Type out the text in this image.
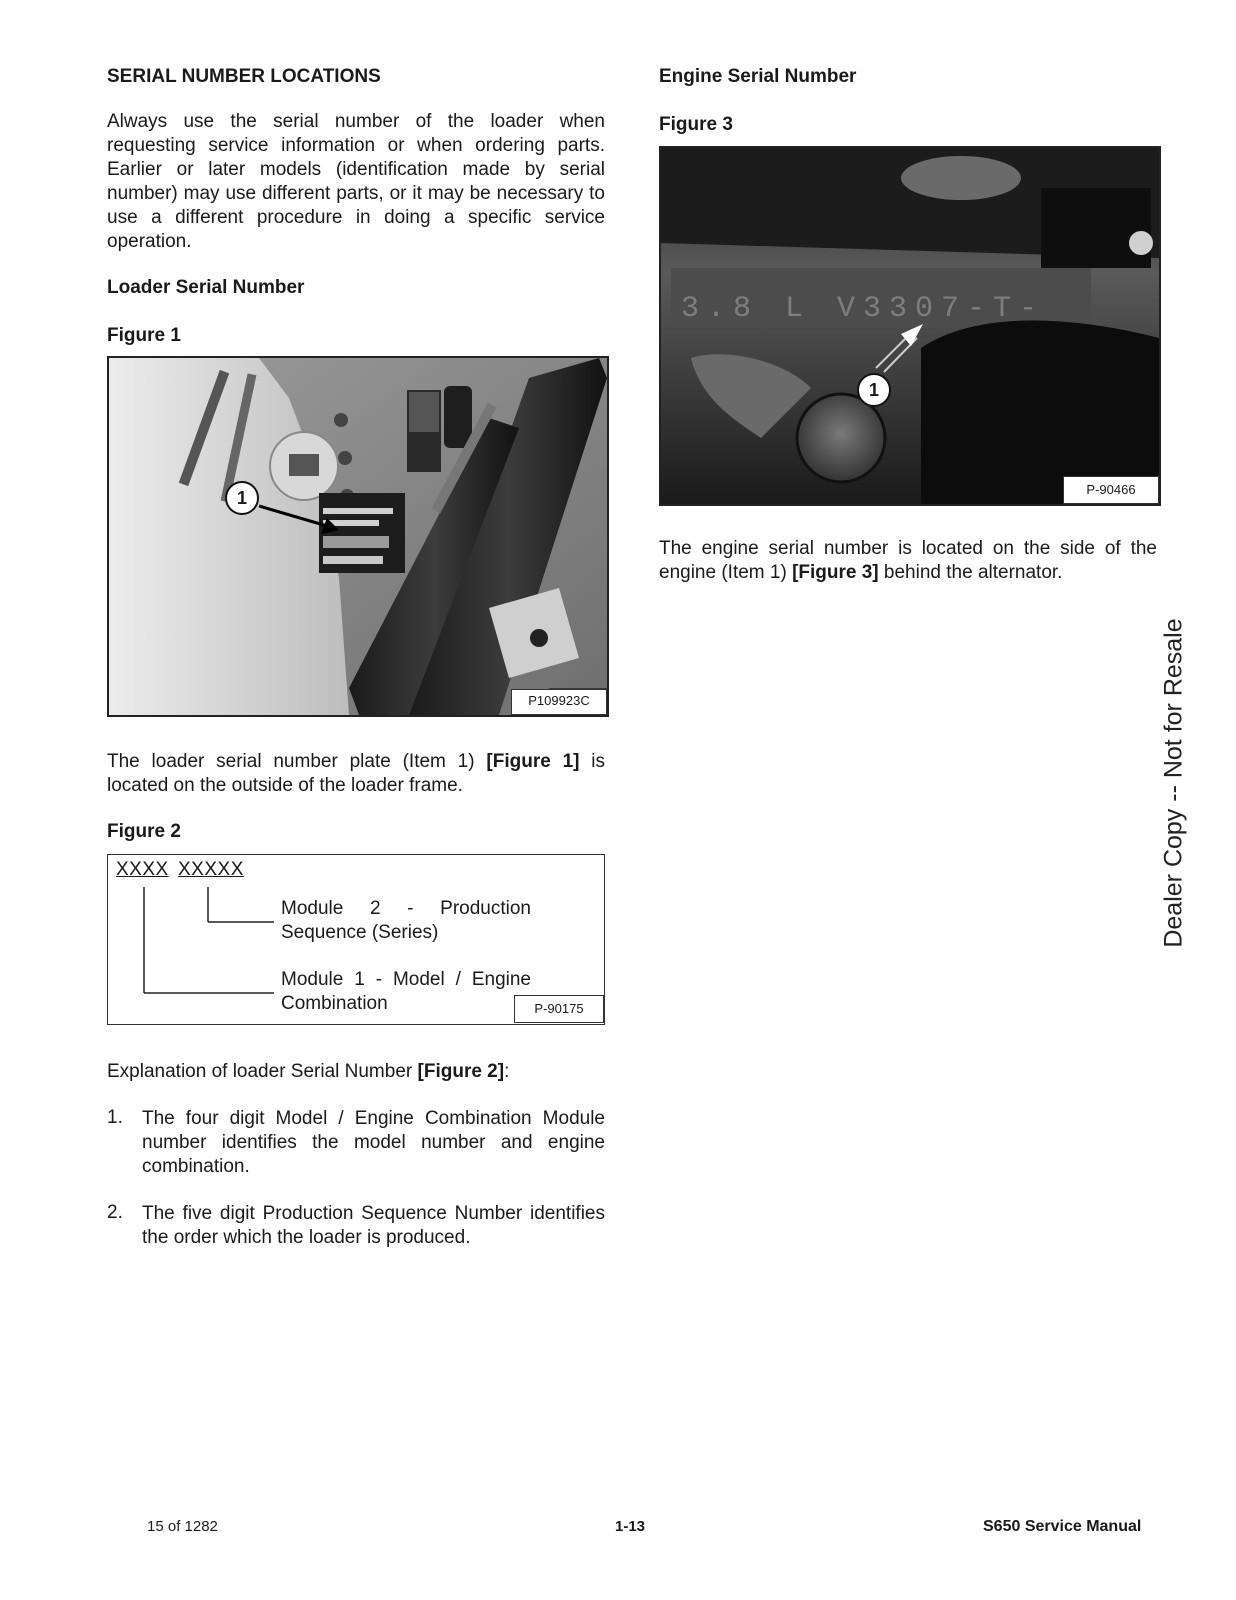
SERIAL NUMBER LOCATIONS
Always use the serial number of the loader when requesting service information or when ordering parts. Earlier or later models (identification made by serial number) may use different parts, or it may be necessary to use a different procedure in doing a specific service operation.
Loader Serial Number
Figure 1
1
P109923C
The loader serial number plate (Item 1) [Figure 1] is located on the outside of the loader frame.
Figure 2
XXXX XXXXX
Module 2 - Production
Sequence (Series)
Module 1 - Model / Engine
Combination	P-90175
Explanation of loader Serial Number [Figure 2]:
1. The four digit Model / Engine Combination Module number identifies the model number and engine combination.
2. The five digit Production Sequence Number identifies the order which the loader is produced.
Engine Serial Number
Figure 3
3.8 L V3307-T-
1
P-90466
The engine serial number is located on the side of the engine (Item 1) [Figure 3] behind the alternator.
Dealer Copy -- Not for Resale
15 of 1282	1-13	S650 Service Manual
